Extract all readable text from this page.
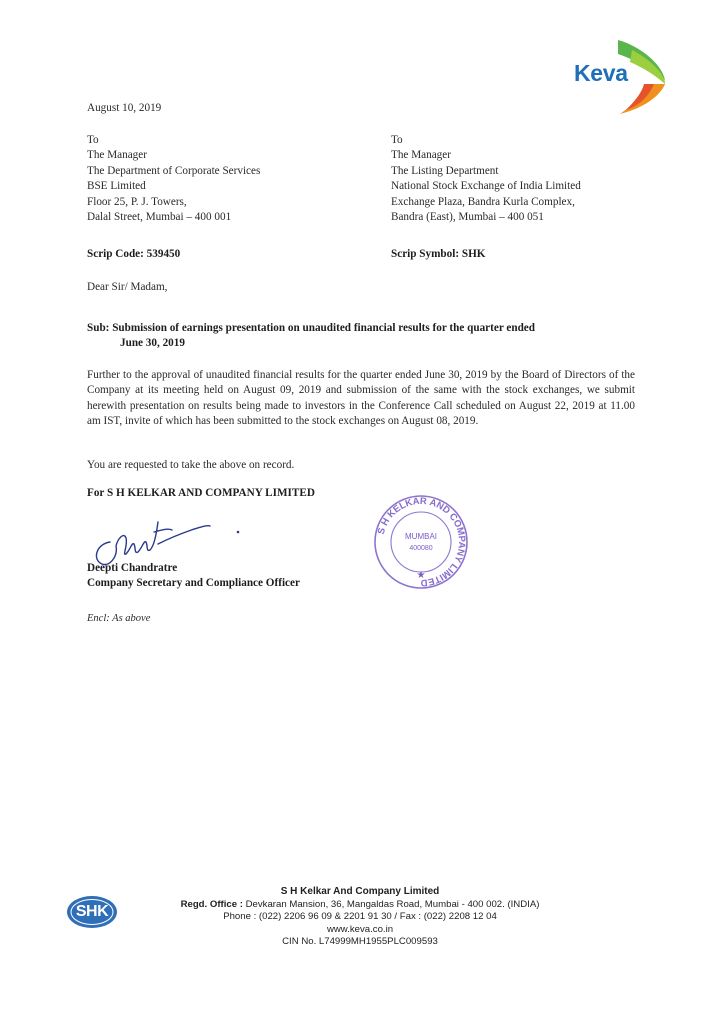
Keva
August 10, 2019
To
The Manager
The Department of Corporate Services
BSE Limited
Floor 25, P. J. Towers,
Dalal Street, Mumbai – 400 001
To
The Manager
The Listing Department
National Stock Exchange of India Limited
Exchange Plaza, Bandra Kurla Complex,
Bandra (East), Mumbai – 400 051
Scrip Code: 539450	Scrip Symbol: SHK
Dear Sir/ Madam,
Sub: Submission of earnings presentation on unaudited financial results for the quarter ended
June 30, 2019
Further to the approval of unaudited financial results for the quarter ended June 30, 2019 by the Board of Directors of the Company at its meeting held on August 09, 2019 and submission of the same with the stock exchanges, we submit herewith presentation on results being made to investors in the Conference Call scheduled on August 22, 2019 at 11.00 am IST, invite of which has been submitted to the stock exchanges on August 08, 2019.
You are requested to take the above on record.
For S H KELKAR AND COMPANY LIMITED
Deepti Chandratre
Company Secretary and Compliance Officer
S H KELKAR AND COMPANY LIMITED
MUMBAI
400080
★
Encl: As above
SHK
S H Kelkar And Company Limited
Regd. Office : Devkaran Mansion, 36, Mangaldas Road, Mumbai - 400 002. (INDIA)
Phone : (022) 2206 96 09 & 2201 91 30 / Fax : (022) 2208 12 04
www.keva.co.in
CIN No. L74999MH1955PLC009593
